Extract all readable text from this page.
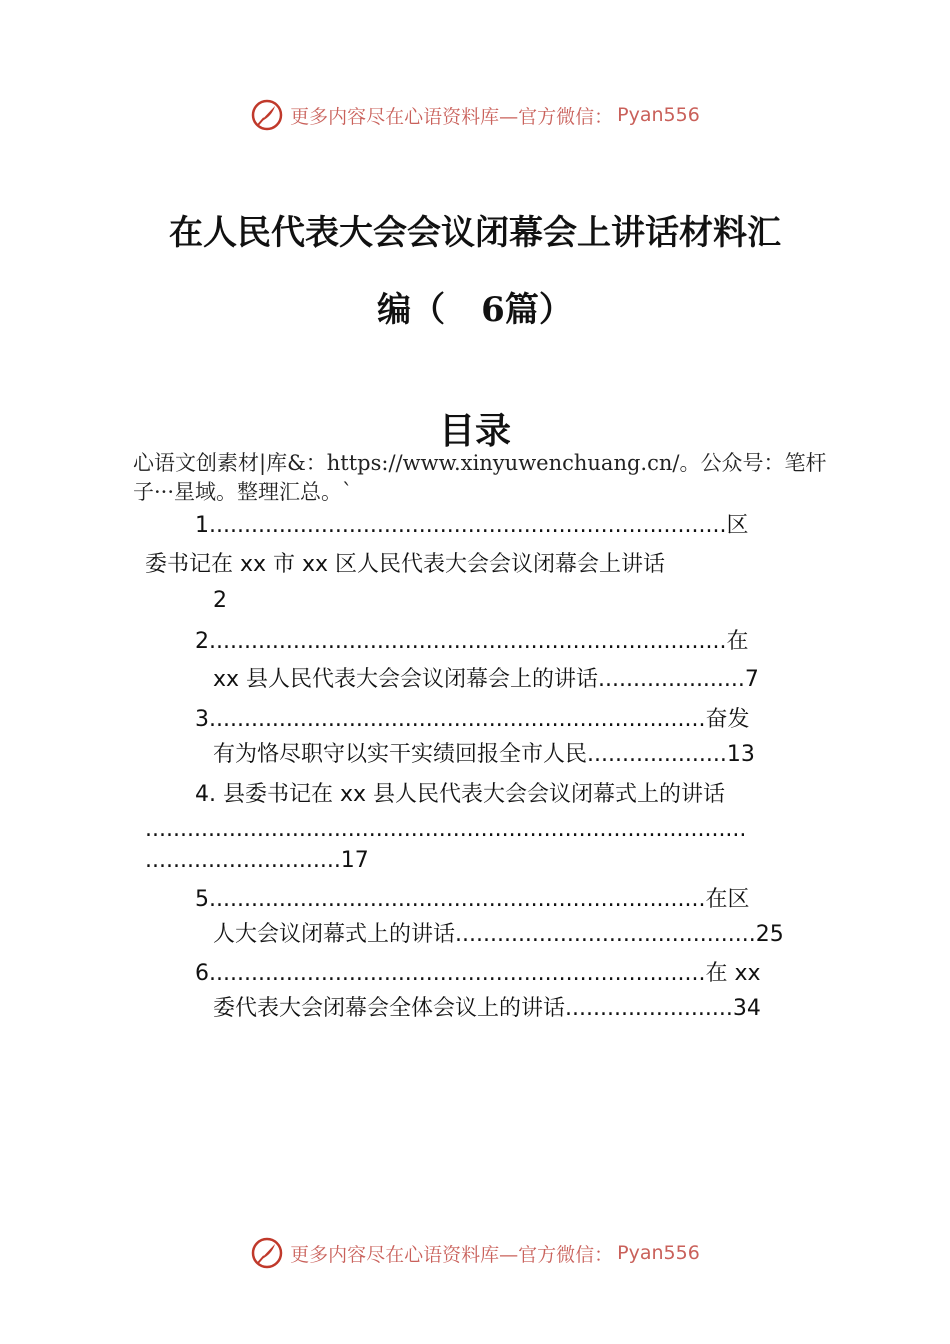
更多内容尽在心语资料库—官方微信： Pyan556
在人民代表大会会议闭幕会上讲话材料汇
编（ 6篇）
目录
心语文创素材|库&：https://www.xinyuwenchuang.cn/。公众号：笔杆子···星域。整理汇总。`
1..........................................................................区
委书记在 xx 市 xx 区人民代表大会会议闭幕会上讲话
2
2..........................................................................在
xx 县人民代表大会会议闭幕会上的讲话.....................7
3.......................................................................奋发
有为恪尽职守以实干实绩回报全市人民....................13
4. 县委书记在 xx 县人民代表大会会议闭幕式上的讲话
......................................................................................
............................17
5.......................................................................在区
人大会议闭幕式上的讲话...........................................25
6.......................................................................在 xx
委代表大会闭幕会全体会议上的讲话........................34
更多内容尽在心语资料库—官方微信： Pyan556
